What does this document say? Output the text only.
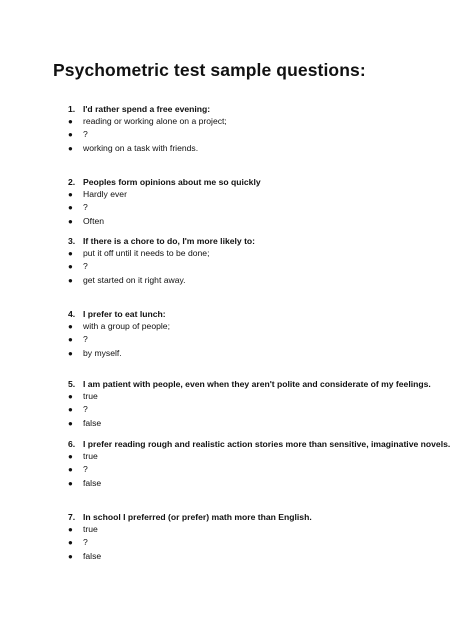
Psychometric test sample questions:
1. I'd rather spend a free evening:
●	reading or working alone on a project;
●	?
●	working on a task with friends.
2. Peoples form opinions about me so quickly
●	Hardly ever
●	?
●	Often
3. If there is a chore to do, I'm more likely to:
●	put it off until it needs to be done;
●	?
●	get started on it right away.
4. I prefer to eat lunch:
●	with a group of people;
●	?
●	by myself.
5. I am patient with people, even when they aren't polite and considerate of my feelings.
●	true
●	?
●	false
6. I prefer reading rough and realistic action stories more than sensitive, imaginative novels.
●	true
●	?
●	false
7. In school I preferred (or prefer) math more than English.
●	true
●	?
●	false
